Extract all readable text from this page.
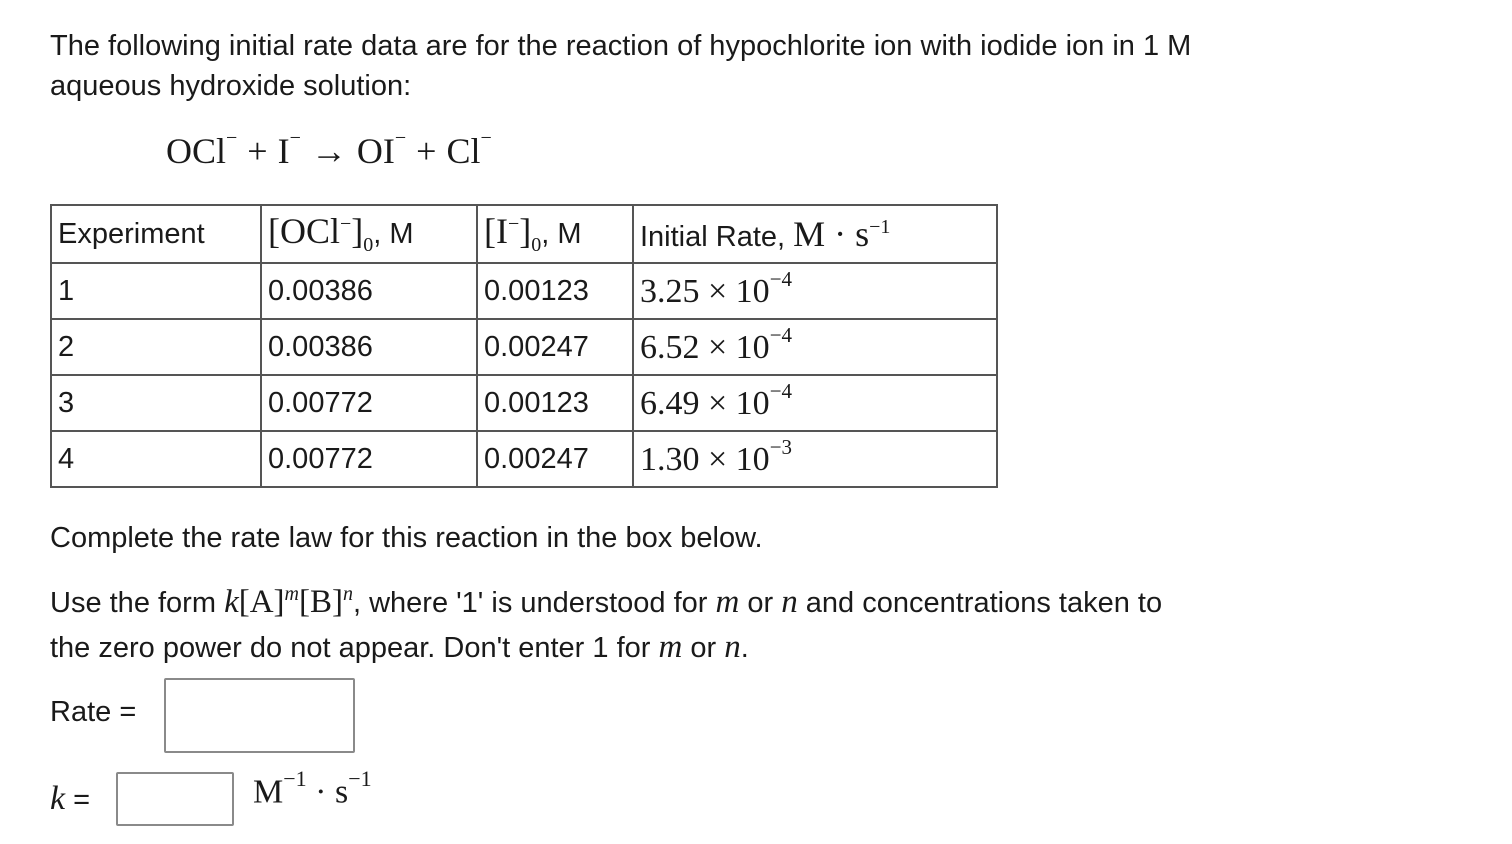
The following initial rate data are for the reaction of hypochlorite ion with iodide ion in 1 M
aqueous hydroxide solution:

OCl− + I− → OI− + Cl−
Experiment	$[OCl^-]_0$, M	$[I^-]_0$, M	Initial Rate, $M \cdot s^{-1}$
1	0.00386	0.00123	$3.25 \times 10^{-4}$
2	0.00386	0.00247	$6.52 \times 10^{-4}$
3	0.00772	0.00123	$6.49 \times 10^{-4}$
4	0.00772	0.00247	$1.30 \times 10^{-3}$

Complete the rate law for this reaction in the box below.

Use the form $k[A]^m[B]^n$, where '1' is understood for m or n and concentrations taken to
the zero power do not appear. Don't enter 1 for m or n.

Rate =
k =	$M^{-1} \cdot s^{-1}$
